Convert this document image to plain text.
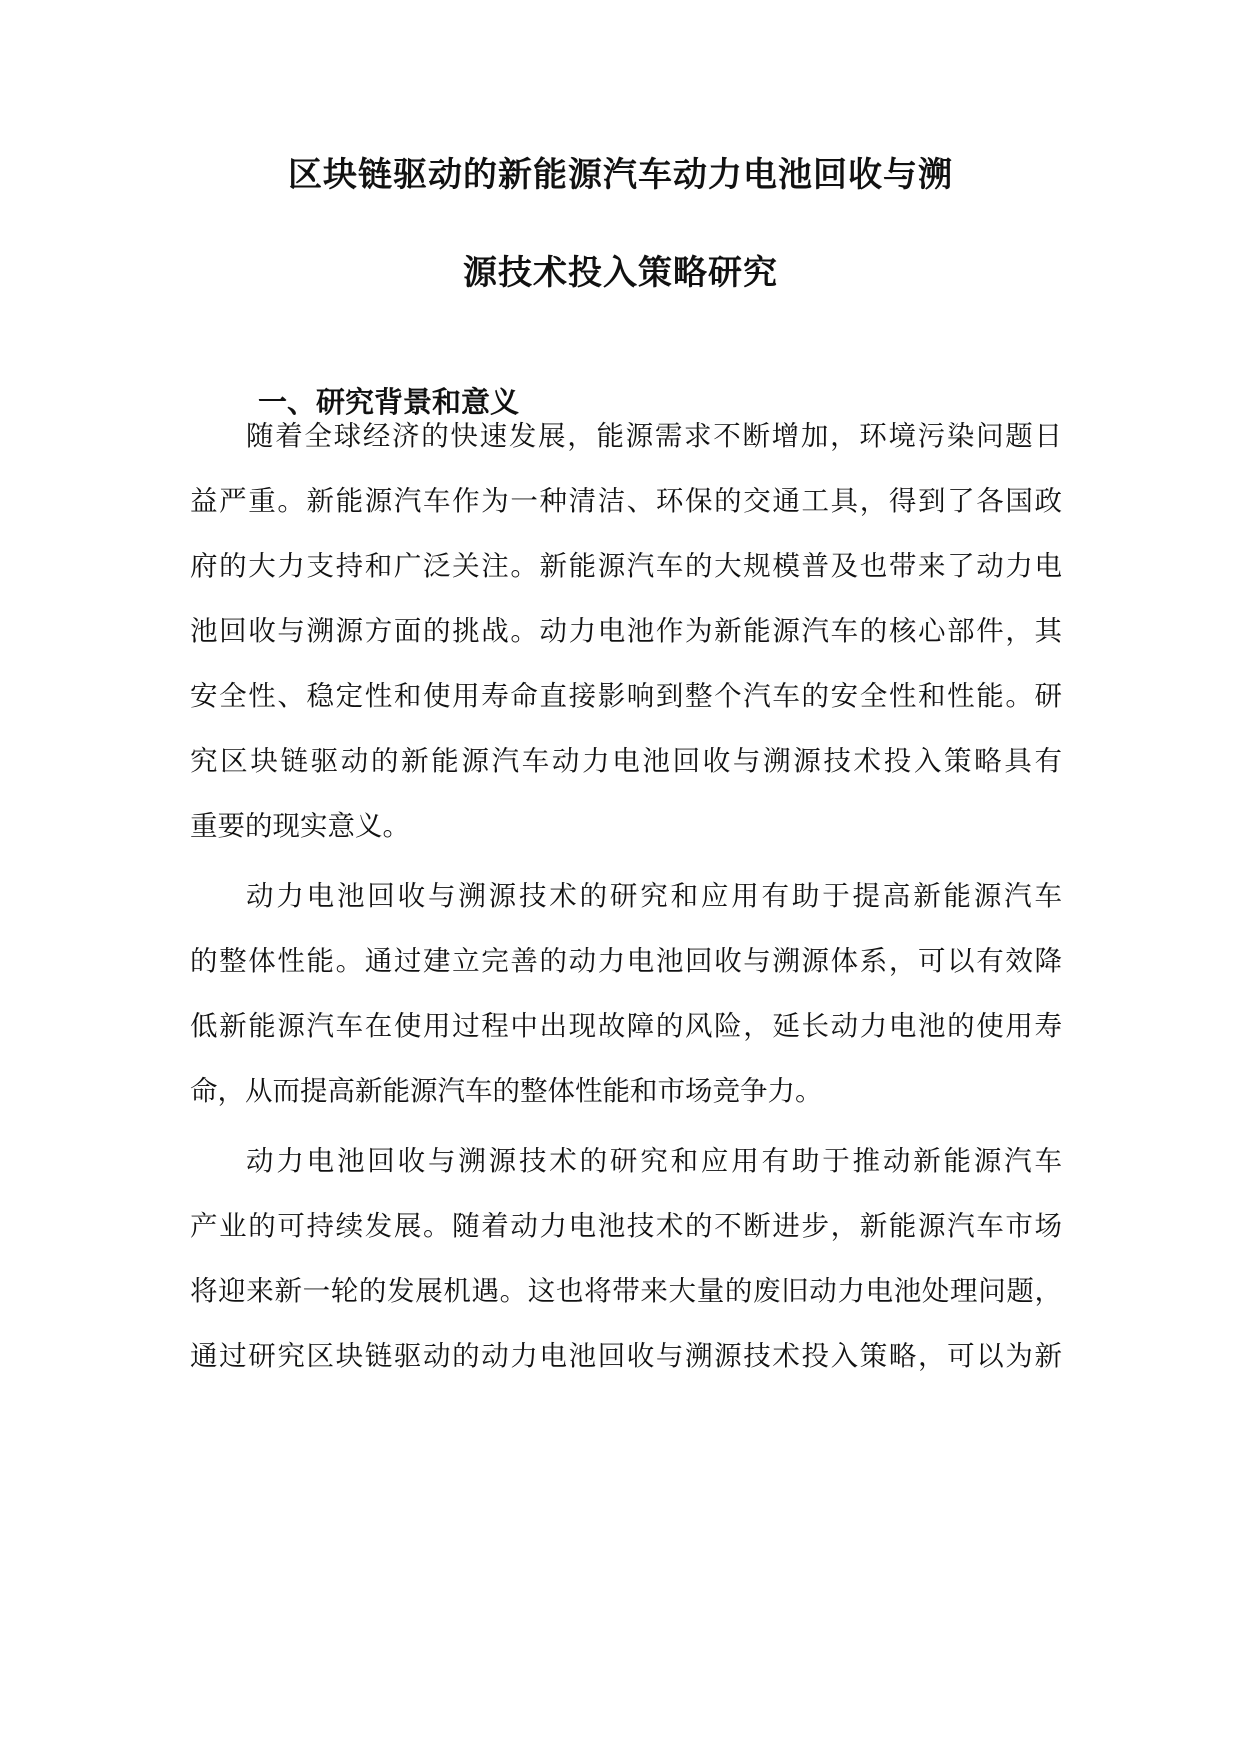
区块链驱动的新能源汽车动力电池回收与溯
源技术投入策略研究
一、研究背景和意义
随着全球经济的快速发展，能源需求不断增加，环境污染问题日
益严重。新能源汽车作为一种清洁、环保的交通工具，得到了各国政
府的大力支持和广泛关注。新能源汽车的大规模普及也带来了动力电
池回收与溯源方面的挑战。动力电池作为新能源汽车的核心部件，其
安全性、稳定性和使用寿命直接影响到整个汽车的安全性和性能。研
究区块链驱动的新能源汽车动力电池回收与溯源技术投入策略具有
重要的现实意义。
动力电池回收与溯源技术的研究和应用有助于提高新能源汽车
的整体性能。通过建立完善的动力电池回收与溯源体系，可以有效降
低新能源汽车在使用过程中出现故障的风险，延长动力电池的使用寿
命，从而提高新能源汽车的整体性能和市场竞争力。
动力电池回收与溯源技术的研究和应用有助于推动新能源汽车
产业的可持续发展。随着动力电池技术的不断进步，新能源汽车市场
将迎来新一轮的发展机遇。这也将带来大量的废旧动力电池处理问题，
通过研究区块链驱动的动力电池回收与溯源技术投入策略，可以为新
